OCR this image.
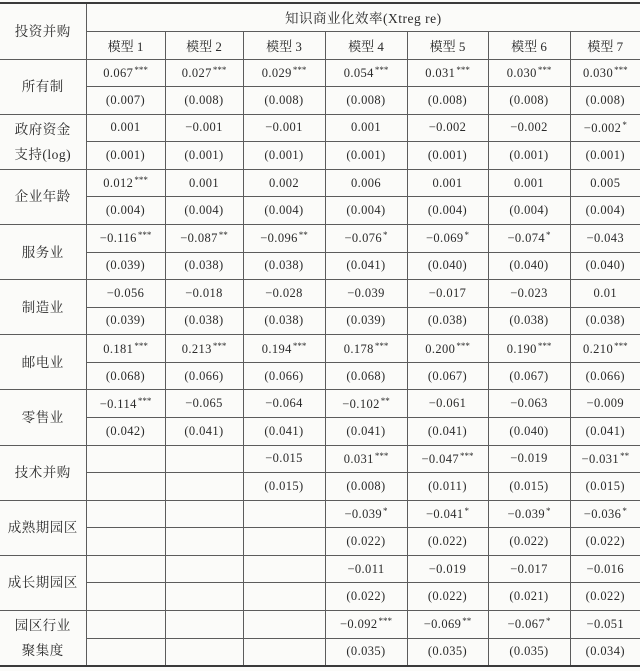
投资并购	知识商业化效率(Xtreg re)						
	模型 1	模型 2	模型 3	模型 4	模型 5	模型 6	模型 7
所有制	0.067***	0.027***	0.029***	0.054***	0.031***	0.030***	0.030***
	(0.007)	(0.008)	(0.008)	(0.008)	(0.008)	(0.008)	(0.008)
政府资金
支持(log)	0.001	−0.001	−0.001	0.001	−0.002	−0.002	−0.002*
	(0.001)	(0.001)	(0.001)	(0.001)	(0.001)	(0.001)	(0.001)
企业年龄	0.012***	0.001	0.002	0.006	0.001	0.001	0.005
	(0.004)	(0.004)	(0.004)	(0.004)	(0.004)	(0.004)	(0.004)
服务业	−0.116***	−0.087**	−0.096**	−0.076*	−0.069*	−0.074*	−0.043
	(0.039)	(0.038)	(0.038)	(0.041)	(0.040)	(0.040)	(0.040)
制造业	−0.056	−0.018	−0.028	−0.039	−0.017	−0.023	0.01
	(0.039)	(0.038)	(0.038)	(0.039)	(0.038)	(0.038)	(0.038)
邮电业	0.181***	0.213***	0.194***	0.178***	0.200***	0.190***	0.210***
	(0.068)	(0.066)	(0.066)	(0.068)	(0.067)	(0.067)	(0.066)
零售业	−0.114***	−0.065	−0.064	−0.102**	−0.061	−0.063	−0.009
	(0.042)	(0.041)	(0.041)	(0.041)	(0.041)	(0.040)	(0.041)
技术并购			−0.015	0.031***	−0.047***	−0.019	−0.031**
			(0.015)	(0.008)	(0.011)	(0.015)	(0.015)
成熟期园区				−0.039*	−0.041*	−0.039*	−0.036*
				(0.022)	(0.022)	(0.022)	(0.022)
成长期园区				−0.011	−0.019	−0.017	−0.016
				(0.022)	(0.022)	(0.021)	(0.022)
园区行业
聚集度				−0.092***	−0.069**	−0.067*	−0.051
				(0.035)	(0.035)	(0.035)	(0.034)
